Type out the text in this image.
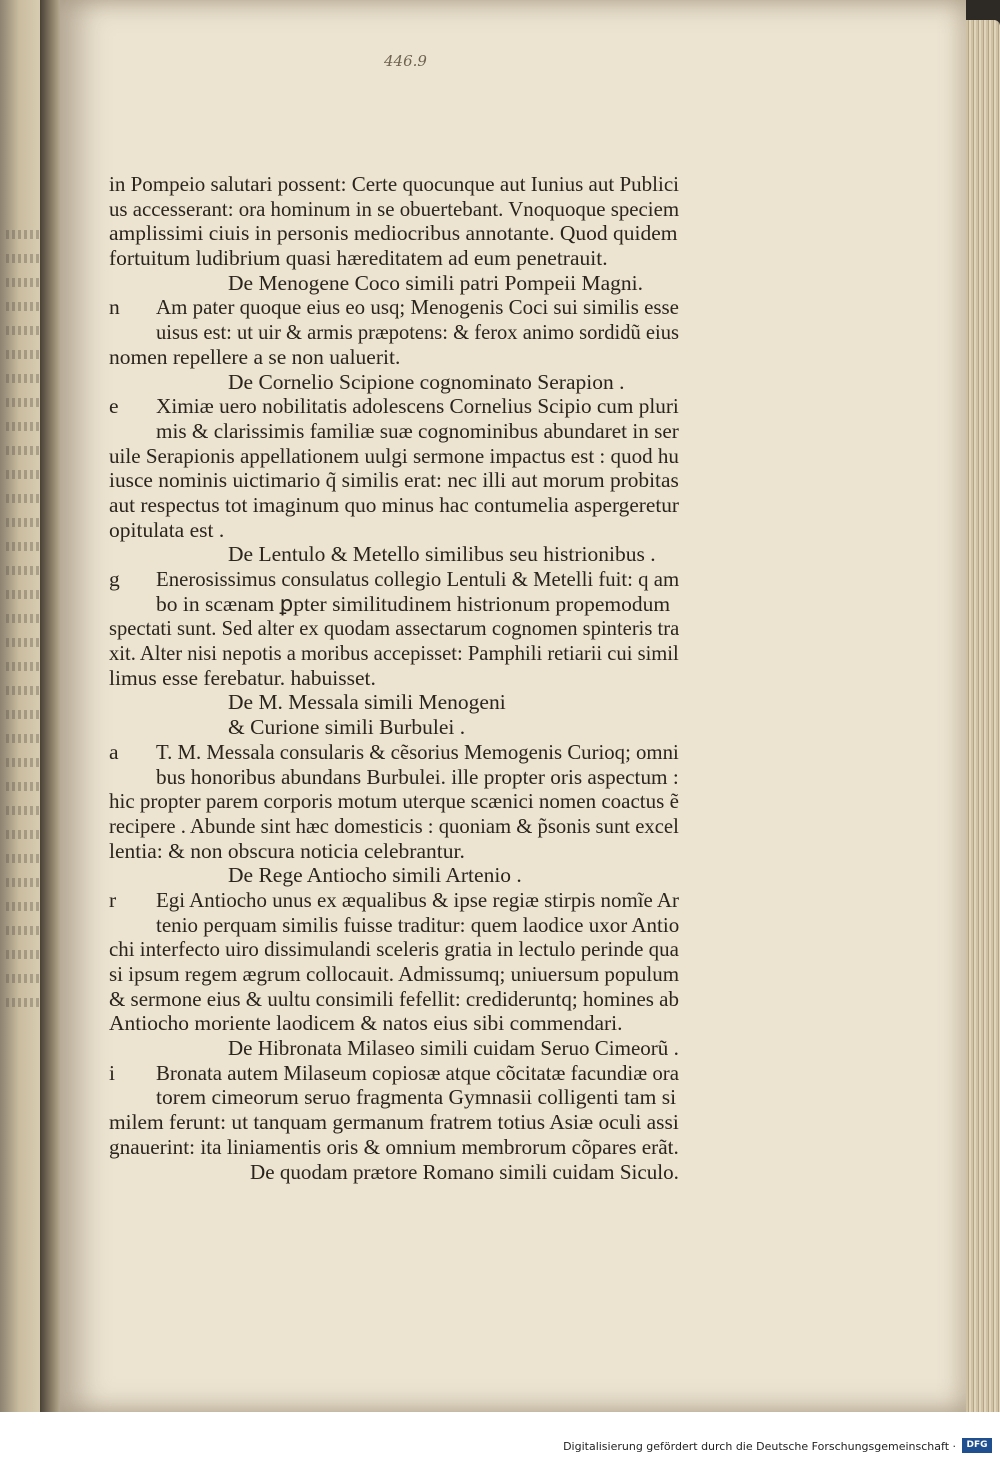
446.9
in Pompeio salutari possent: Certe quocunque aut Iunius aut Publici
us accesserant: ora hominum in se obuertebant. Vnoquoque speciem
amplissimi ciuis in personis mediocribus annotante. Quod quidem
fortuitum ludibrium quasi hæreditatem ad eum penetrauit.
De Menogene Coco simili patri Pompeii Magni.
n	Am pater quoque eius eo usq; Menogenis Coci sui similis esse
uisus est: ut uir & armis præpotens: & ferox animo sordidũ eius
nomen repellere a se non ualuerit.
De Cornelio Scipione cognominato Serapion .
e	Ximiæ uero nobilitatis adolescens Cornelius Scipio cum pluri
mis & clarissimis familiæ suæ cognominibus abundaret in ser
uile Serapionis appellationem uulgi sermone impactus est : quod hu
iusce nominis uictimario q̃ similis erat: nec illi aut morum probitas
aut respectus tot imaginum quo minus hac contumelia aspergeretur
opitulata est .
De Lentulo & Metello similibus seu histrionibus .
g	Enerosissimus consulatus collegio Lentuli & Metelli fuit: q am
bo in scænam ꝑpter similitudinem histrionum propemodum
spectati sunt. Sed alter ex quodam assectarum cognomen spinteris tra
xit. Alter nisi nepotis a moribus accepisset: Pamphili retiarii cui simil
limus esse ferebatur. habuisset.
De M. Messala simili Menogeni
& Curione simili Burbulei .
a	T. M. Messala consularis & cẽsorius Memogenis Curioq; omni
bus honoribus abundans Burbulei. ille propter oris aspectum :
hic propter parem corporis motum uterque scænici nomen coactus ẽ
recipere . Abunde sint hæc domesticis : quoniam & p̃sonis sunt excel
lentia: & non obscura noticia celebrantur.
De Rege Antiocho simili Artenio .
r	Egi Antiocho unus ex æqualibus & ipse regiæ stirpis nomĩe Ar
tenio perquam similis fuisse traditur: quem laodice uxor Antio
chi interfecto uiro dissimulandi sceleris gratia in lectulo perinde qua
si ipsum regem ægrum collocauit. Admissumq; uniuersum populum
& sermone eius & uultu consimili fefellit: credideruntq; homines ab
Antiocho moriente laodicem & natos eius sibi commendari.
De Hibronata Milaseo simili cuidam Seruo Cimeorũ .
i	Bronata autem Milaseum copiosæ atque cõcitatæ facundiæ ora
torem cimeorum seruo fragmenta Gymnasii colligenti tam si
milem ferunt: ut tanquam germanum fratrem totius Asiæ oculi assi
gnauerint: ita liniamentis oris & omnium membrorum cõpares erãt.
De quodam prætore Romano simili cuidam Siculo.
Digitalisierung gefördert durch die Deutsche Forschungsgemeinschaft ·	DFG
